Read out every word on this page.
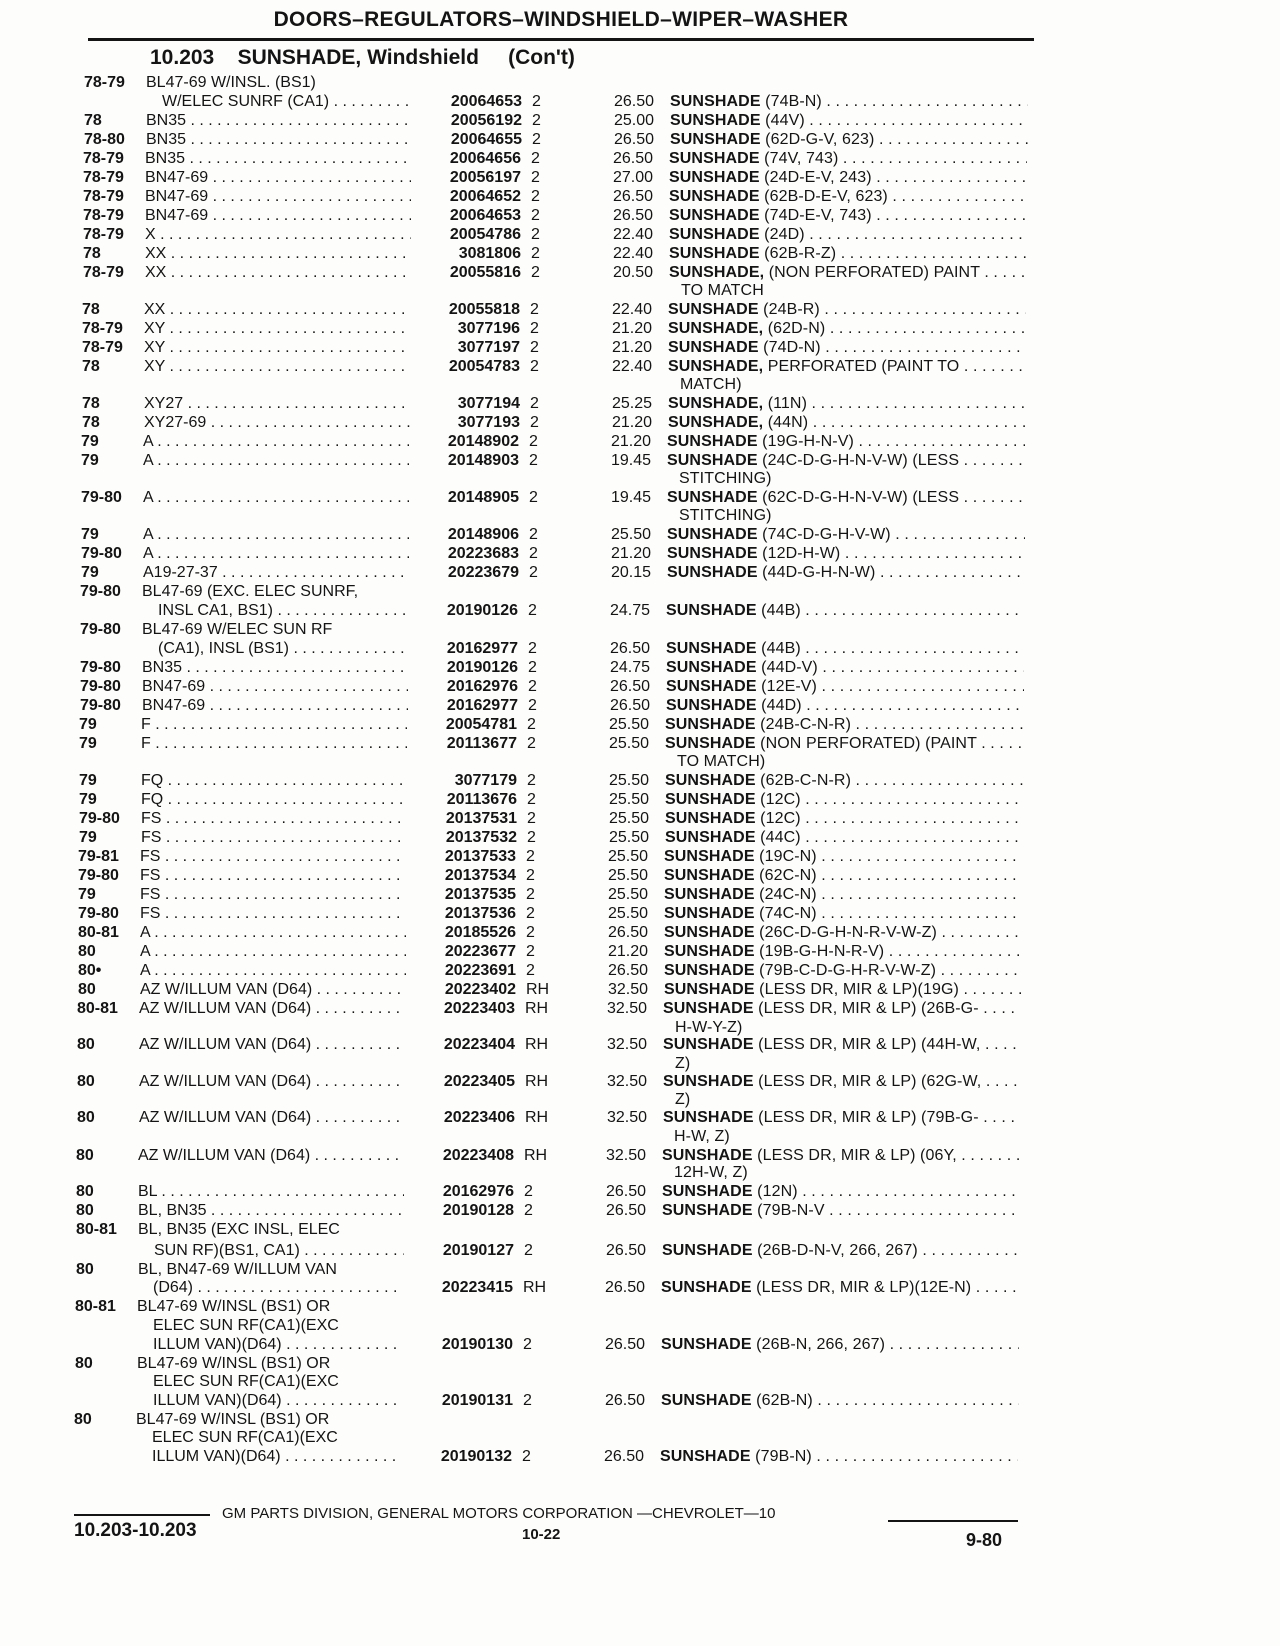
DOORS–REGULATORS–WINDSHIELD–WIPER–WASHER
10.203 SUNSHADE, Windshield (Con't)
78-79 BL47-69 W/INSL. (BS1)
W/ELEC SUNRF (CA1) . . .	20064653 2	26.50 SUNSHADE (74B-N) . . .
78	BN35 . . .	20056192 2	25.00 SUNSHADE (44V) . . .
78-80 BN35 . . .	20064655 2	26.50 SUNSHADE (62D-G-V, 623) . . .
78-79 BN35 . . .	20064656 2	26.50 SUNSHADE (74V, 743) . . .
78-79 BN47-69 . . .	20056197 2	27.00 SUNSHADE (24D-E-V, 243) . . .
78-79 BN47-69 . . .	20064652 2	26.50 SUNSHADE (62B-D-E-V, 623) . . .
78-79 BN47-69 . . .	20064653 2	26.50 SUNSHADE (74D-E-V, 743) . . .
78-79 X . . .	20054786 2	22.40 SUNSHADE (24D) . . .
78	XX . . .	3081806 2	22.40 SUNSHADE (62B-R-Z) . . .
78-79 XX . . .	20055816 2	20.50 SUNSHADE, (NON PERFORATED) PAINT . . .
TO MATCH
78	XX . . .	20055818 2	22.40 SUNSHADE (24B-R) . . .
78-79 XY . . .	3077196 2	21.20 SUNSHADE, (62D-N) . . .
78-79 XY . . .	3077197 2	21.20 SUNSHADE (74D-N) . . .
78	XY . . .	20054783 2	22.40 SUNSHADE, PERFORATED (PAINT TO . . .
MATCH)
78	XY27 . . .	3077194 2	25.25 SUNSHADE, (11N) . . .
78	XY27-69 . . .	3077193 2	21.20 SUNSHADE, (44N) . . .
79	A . . .	20148902 2	21.20 SUNSHADE (19G-H-N-V) . . .
79	A . . .	20148903 2	19.45 SUNSHADE (24C-D-G-H-N-V-W) (LESS . . .
STITCHING)
79-80 A . . .	20148905 2	19.45 SUNSHADE (62C-D-G-H-N-V-W) (LESS . . .
STITCHING)
79	A . . .	20148906 2	25.50 SUNSHADE (74C-D-G-H-V-W) . . .
79-80 A . . .	20223683 2	21.20 SUNSHADE (12D-H-W) . . .
79	A19-27-37 . . .	20223679 2	20.15 SUNSHADE (44D-G-H-N-W) . . .
79-80 BL47-69 (EXC. ELEC SUNRF,
INSL CA1, BS1) . . .	20190126 2	24.75 SUNSHADE (44B) . . .
79-80 BL47-69 W/ELEC SUN RF
(CA1), INSL (BS1) . . .	20162977 2	26.50 SUNSHADE (44B) . . .
79-80 BN35 . . .	20190126 2	24.75 SUNSHADE (44D-V) . . .
79-80 BN47-69 . . .	20162976 2	26.50 SUNSHADE (12E-V) . . .
79-80 BN47-69 . . .	20162977 2	26.50 SUNSHADE (44D) . . .
79	F . . .	20054781 2	25.50 SUNSHADE (24B-C-N-R) . . .
79	F . . .	20113677 2	25.50 SUNSHADE (NON PERFORATED) (PAINT . . .
TO MATCH)
79	FQ . . .	3077179 2	25.50 SUNSHADE (62B-C-N-R) . . .
79	FQ . . .	20113676 2	25.50 SUNSHADE (12C) . . .
79-80 FS . . .	20137531 2	25.50 SUNSHADE (12C) . . .
79	FS . . .	20137532 2	25.50 SUNSHADE (44C) . . .
79-81 FS . . .	20137533 2	25.50 SUNSHADE (19C-N) . . .
79-80 FS . . .	20137534 2	25.50 SUNSHADE (62C-N) . . .
79	FS . . .	20137535 2	25.50 SUNSHADE (24C-N) . . .
79-80 FS . . .	20137536 2	25.50 SUNSHADE (74C-N) . . .
80-81 A . . .	20185526 2	26.50 SUNSHADE (26C-D-G-H-N-R-V-W-Z) . . .
80	A . . .	20223677 2	21.20 SUNSHADE (19B-G-H-N-R-V) . . .
80• A . . .	20223691 2	26.50 SUNSHADE (79B-C-D-G-H-R-V-W-Z) . . .
80	AZ W/ILLUM VAN (D64) . . .	20223402 RH	32.50 SUNSHADE (LESS DR, MIR & LP)(19G) . . .
80-81 AZ W/ILLUM VAN (D64) . . .	20223403 RH	32.50 SUNSHADE (LESS DR, MIR & LP) (26B-G- . . .
H-W-Y-Z)
80	AZ W/ILLUM VAN (D64) . . .	20223404 RH	32.50 SUNSHADE (LESS DR, MIR & LP) (44H-W, . . .
Z)
80	AZ W/ILLUM VAN (D64) . . .	20223405 RH	32.50 SUNSHADE (LESS DR, MIR & LP) (62G-W, . . .
Z)
80	AZ W/ILLUM VAN (D64) . . .	20223406 RH	32.50 SUNSHADE (LESS DR, MIR & LP) (79B-G- . . .
H-W, Z)
80	AZ W/ILLUM VAN (D64) . . .	20223408 RH	32.50 SUNSHADE (LESS DR, MIR & LP) (06Y, . . .
12H-W, Z)
80	BL . . .	20162976 2	26.50 SUNSHADE (12N) . . .
80	BL, BN35 . . .	20190128 2	26.50 SUNSHADE (79B-N-V . . .
80-81 BL, BN35 (EXC INSL, ELEC
SUN RF)(BS1, CA1) . . .	20190127 2	26.50 SUNSHADE (26B-D-N-V, 266, 267) . . .
80	BL, BN47-69 W/ILLUM VAN
(D64) . . .	20223415 RH	26.50 SUNSHADE (LESS DR, MIR & LP)(12E-N) . . .
80-81 BL47-69 W/INSL (BS1) OR
ELEC SUN RF(CA1)(EXC
ILLUM VAN)(D64) . . .	20190130 2	26.50 SUNSHADE (26B-N, 266, 267) . . .
80	BL47-69 W/INSL (BS1) OR
ELEC SUN RF(CA1)(EXC
ILLUM VAN)(D64) . . .	20190131 2	26.50 SUNSHADE (62B-N) . . .
80	BL47-69 W/INSL (BS1) OR
ELEC SUN RF(CA1)(EXC
ILLUM VAN)(D64) . . .	20190132 2	26.50 SUNSHADE (79B-N) . . .
GM PARTS DIVISION, GENERAL MOTORS CORPORATION —CHEVROLET—10
10.203-10.203	10-22	9-80
